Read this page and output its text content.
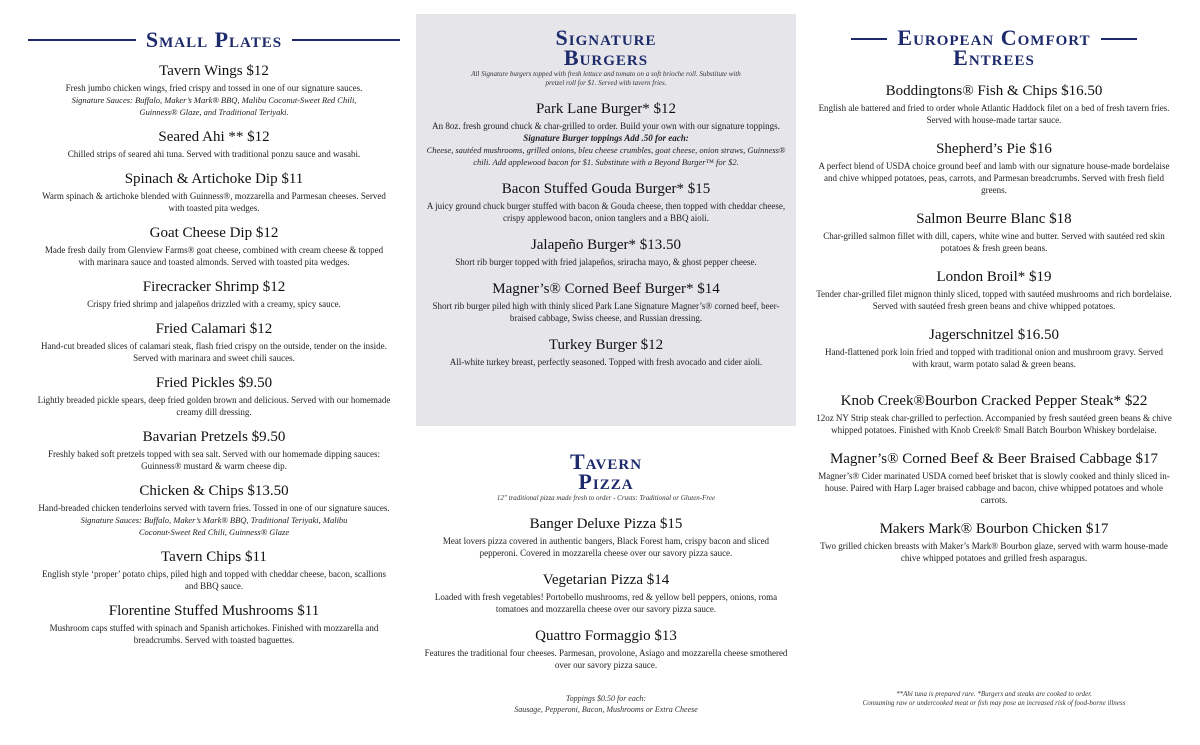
Small Plates
Tavern Wings $12
Fresh jumbo chicken wings, fried crispy and tossed in one of our signature sauces.
Signature Sauces: Buffalo, Maker’s Mark® BBQ, Malibu Coconut-Sweet Red Chili, Guinness® Glaze, and Traditional Teriyaki.
Seared Ahi ** $12
Chilled strips of seared ahi tuna. Served with traditional ponzu sauce and wasabi.
Spinach & Artichoke Dip $11
Warm spinach & artichoke blended with Guinness®, mozzarella and Parmesan cheeses. Served with toasted pita wedges.
Goat Cheese Dip $12
Made fresh daily from Glenview Farms® goat cheese, combined with cream cheese & topped with marinara sauce and toasted almonds. Served with toasted pita wedges.
Firecracker Shrimp $12
Crispy fried shrimp and jalapeños drizzled with a creamy, spicy sauce.
Fried Calamari $12
Hand-cut breaded slices of calamari steak, flash fried crispy on the outside, tender on the inside. Served with marinara and sweet chili sauces.
Fried Pickles $9.50
Lightly breaded pickle spears, deep fried golden brown and delicious. Served with our homemade creamy dill dressing.
Bavarian Pretzels $9.50
Freshly baked soft pretzels topped with sea salt. Served with our homemade dipping sauces: Guinness® mustard & warm cheese dip.
Chicken & Chips $13.50
Hand-breaded chicken tenderloins served with tavern fries. Tossed in one of our signature sauces.
Signature Sauces: Buffalo, Maker’s Mark® BBQ, Traditional Teriyaki, Malibu Coconut-Sweet Red Chili, Guinness® Glaze
Tavern Chips $11
English style ‘proper’ potato chips, piled high and topped with cheddar cheese, bacon, scallions and BBQ sauce.
Florentine Stuffed Mushrooms $11
Mushroom caps stuffed with spinach and Spanish artichokes. Finished with mozzarella and breadcrumbs. Served with toasted baguettes.
Signature
Burgers
All Signature burgers topped with fresh lettuce and tomato on a soft brioche roll. Substitute with pretzel roll for $1. Served with tavern fries.
Park Lane Burger* $12
An 8oz. fresh ground chuck & char-grilled to order. Build your own with our signature toppings.
Signature Burger toppings Add .50 for each:
Cheese, sautéed mushrooms, grilled onions, bleu cheese crumbles, goat cheese, onion straws, Guinness® chili. Add applewood bacon for $1. Substitute with a Beyond Burger™ for $2.
Bacon Stuffed Gouda Burger* $15
A juicy ground chuck burger stuffed with bacon & Gouda cheese, then topped with cheddar cheese, crispy applewood bacon, onion tanglers and a BBQ aioli.
Jalapeño Burger* $13.50
Short rib burger topped with fried jalapeños, sriracha mayo, & ghost pepper cheese.
Magner’s® Corned Beef Burger* $14
Short rib burger piled high with thinly sliced Park Lane Signature Magner’s® corned beef, beer-braised cabbage, Swiss cheese, and Russian dressing.
Turkey Burger $12
All-white turkey breast, perfectly seasoned. Topped with fresh avocado and cider aioli.
Tavern
Pizza
12" traditional pizza made fresh to order - Crusts: Traditional or Gluten-Free
Banger Deluxe Pizza $15
Meat lovers pizza covered in authentic bangers, Black Forest ham, crispy bacon and sliced pepperoni. Covered in mozzarella cheese over our savory pizza sauce.
Vegetarian Pizza $14
Loaded with fresh vegetables! Portobello mushrooms, red & yellow bell peppers, onions, roma tomatoes and mozzarella cheese over our savory pizza sauce.
Quattro Formaggio $13
Features the traditional four cheeses. Parmesan, provolone, Asiago and mozzarella cheese smothered over our savory pizza sauce.
Toppings $0.50 for each:
Sausage, Pepperoni, Bacon, Mushrooms or Extra Cheese
European Comfort
Entrees
Boddingtons® Fish & Chips $16.50
English ale battered and fried to order whole Atlantic Haddock filet on a bed of fresh tavern fries. Served with house-made tartar sauce.
Shepherd’s Pie $16
A perfect blend of USDA choice ground beef and lamb with our signature house-made bordelaise and chive whipped potatoes, peas, carrots, and Parmesan breadcrumbs. Served with fresh field greens.
Salmon Beurre Blanc $18
Char-grilled salmon fillet with dill, capers, white wine and butter. Served with sautéed red skin potatoes & fresh green beans.
London Broil* $19
Tender char-grilled filet mignon thinly sliced, topped with sautéed mushrooms and rich bordelaise. Served with sautéed fresh green beans and chive whipped potatoes.
Jagerschnitzel $16.50
Hand-flattened pork loin fried and topped with traditional onion and mushroom gravy. Served with kraut, warm potato salad & green beans.
Knob Creek®Bourbon Cracked Pepper Steak* $22
12oz NY Strip steak char-grilled to perfection. Accompanied by fresh sautéed green beans & chive whipped potatoes. Finished with Knob Creek® Small Batch Bourbon Whiskey bordelaise.
Magner’s® Corned Beef & Beer Braised Cabbage $17
Magner’s® Cider marinated USDA corned beef brisket that is slowly cooked and thinly sliced in-house. Paired with Harp Lager braised cabbage and bacon, chive whipped potatoes and whole carrots.
Makers Mark® Bourbon Chicken $17
Two grilled chicken breasts with Maker’s Mark® Bourbon glaze, served with warm house-made chive whipped potatoes and grilled fresh asparagus.
**Ahi tuna is prepared rare. *Burgers and steaks are cooked to order.
Consuming raw or undercooked meat or fish may pose an increased risk of food-borne illness
